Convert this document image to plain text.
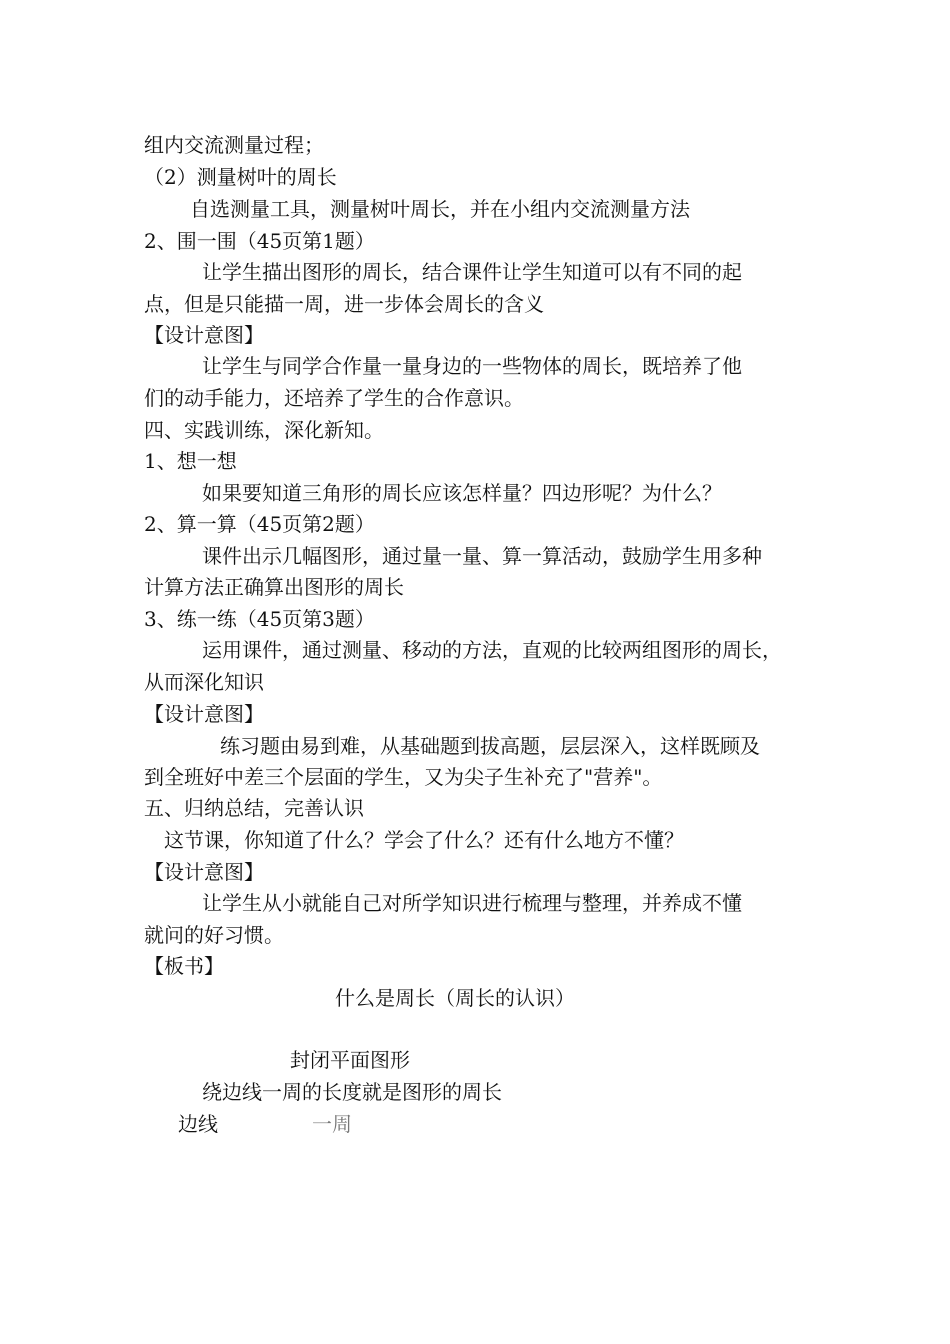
组内交流测量过程；
（2）测量树叶的周长
自选测量工具，测量树叶周长，并在小组内交流测量方法
2、围一围（45页第1题）
让学生描出图形的周长，结合课件让学生知道可以有不同的起
点，但是只能描一周，进一步体会周长的含义
【设计意图】
让学生与同学合作量一量身边的一些物体的周长，既培养了他
们的动手能力，还培养了学生的合作意识。
四、实践训练，深化新知。
1、想一想
如果要知道三角形的周长应该怎样量？四边形呢？为什么？
2、算一算（45页第2题）
课件出示几幅图形，通过量一量、算一算活动，鼓励学生用多种
计算方法正确算出图形的周长
3、练一练（45页第3题）
运用课件，通过测量、移动的方法，直观的比较两组图形的周长，
从而深化知识
【设计意图】
练习题由易到难，从基础题到拔高题，层层深入，这样既顾及
到全班好中差三个层面的学生，又为尖子生补充了"营养"。
五、归纳总结，完善认识
这节课，你知道了什么？学会了什么？还有什么地方不懂？
【设计意图】
让学生从小就能自己对所学知识进行梳理与整理，并养成不懂
就问的好习惯。
【板书】
什么是周长（周长的认识）
封闭平面图形
绕边线一周的长度就是图形的周长
边线	一周
